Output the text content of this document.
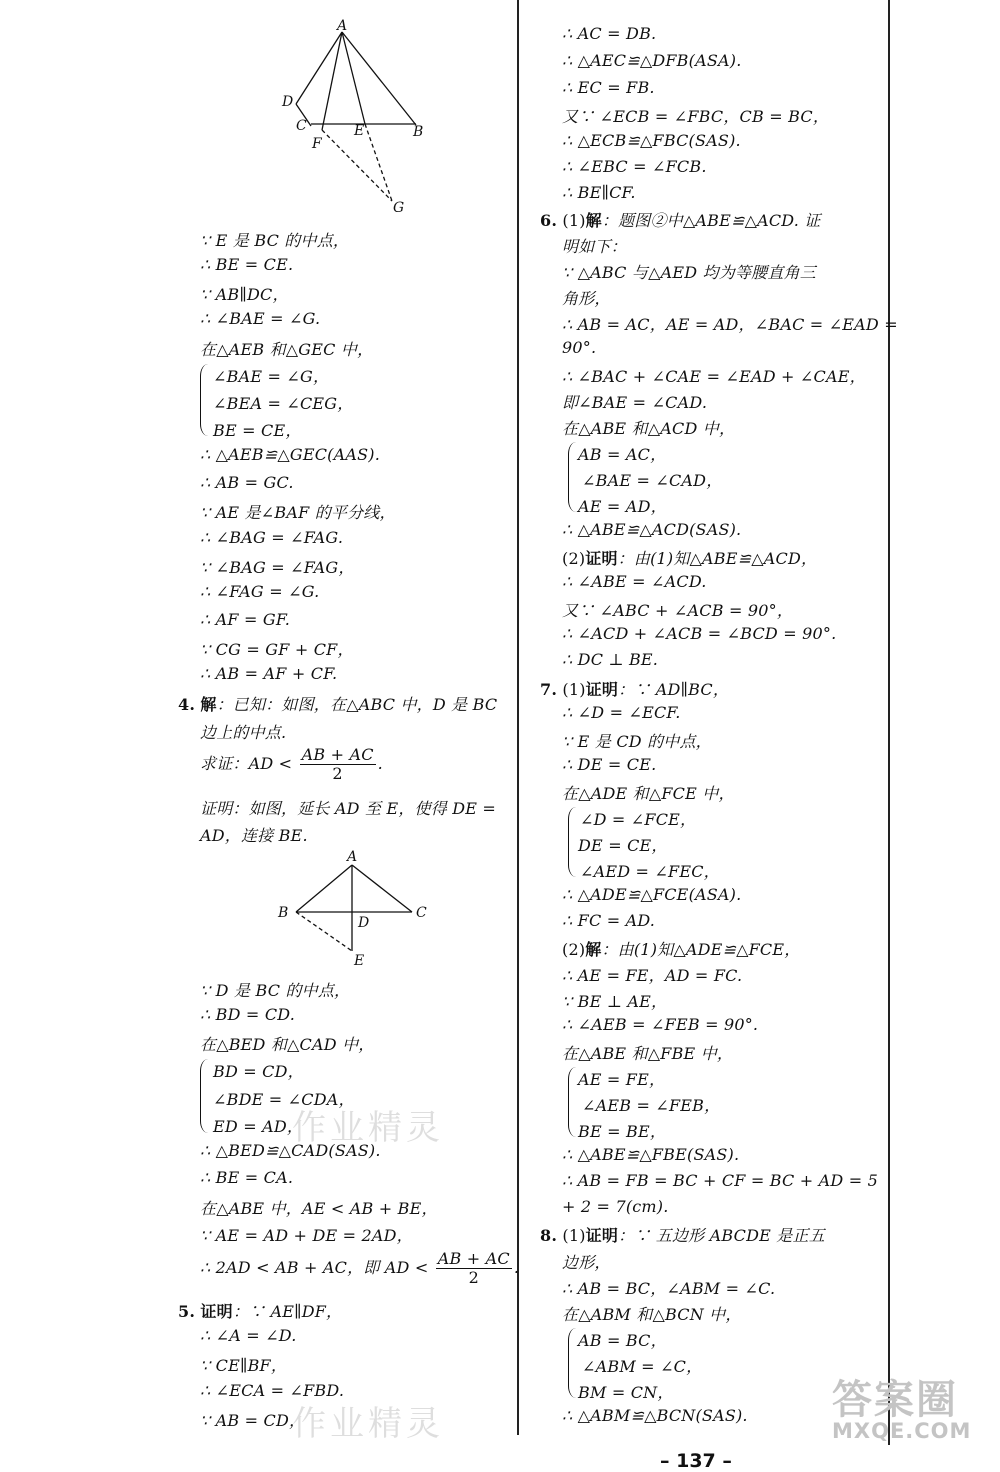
A
D
C	E	B
F
G
A
B
D
C
E
∵ E 是 BC 的中点，
∴ BE = CE.
∵ AB∥DC，
∴ ∠BAE = ∠G.
在△AEB 和△GEC 中，
∠BAE = ∠G，
∠BEA = ∠CEG，
BE = CE，
∴ △AEB≌△GEC(AAS).
∴ AB = GC.
∵ AE 是∠BAF 的平分线，
∴ ∠BAG = ∠FAG.
∵ ∠BAG = ∠FAG，
∴ ∠FAG = ∠G.
∴ AF = GF.
∵ CG = GF + CF，
∴ AB = AF + CF.
4. 解：已知：如图，在△ABC 中，D 是 BC
边上的中点.
求证：AD < $\frac{AB + AC}{2}$ .
证明：如图，延长 AD 至 E，使得 DE =
AD，连接 BE.
∵ D 是 BC 的中点，
∴ BD = CD.
在△BED 和△CAD 中，
BD = CD，
∠BDE = ∠CDA，
ED = AD，
∴ △BED≌△CAD(SAS).
∴ BE = CA.
在△ABE 中，AE < AB + BE，
∵ AE = AD + DE = 2AD，
∴ 2AD < AB + AC，即 AD < $\frac{AB + AC}{2}$ .
5. 证明：∵ AE∥DF，
∴ ∠A = ∠D.
∵ CE∥BF，
∴ ∠ECA = ∠FBD.
∵ AB = CD，
∴ AC = DB.
∴ △AEC≌△DFB(ASA).
∴ EC = FB.
又∵ ∠ECB = ∠FBC，CB = BC，
∴ △ECB≌△FBC(SAS).
∴ ∠EBC = ∠FCB.
∴ BE∥CF.
6. (1)解：题图②中△ABE≌△ACD. 证
明如下：
∵ △ABC 与△AED 均为等腰直角三
角形，
∴ AB = AC，AE = AD，∠BAC = ∠EAD =
90°.
∴ ∠BAC + ∠CAE = ∠EAD + ∠CAE，
即∠BAE = ∠CAD.
在△ABE 和△ACD 中，
AB = AC，
∠BAE = ∠CAD，
AE = AD，
∴ △ABE≌△ACD(SAS).
(2)证明：由(1)知△ABE≌△ACD，
∴ ∠ABE = ∠ACD.
又∵ ∠ABC + ∠ACB = 90°，
∴ ∠ACD + ∠ACB = ∠BCD = 90°.
∴ DC ⊥ BE.
7. (1)证明：∵ AD∥BC，
∴ ∠D = ∠ECF.
∵ E 是 CD 的中点，
∴ DE = CE.
在△ADE 和△FCE 中，
∠D = ∠FCE，
DE = CE，
∠AED = ∠FEC，
∴ △ADE≌△FCE(ASA).
∴ FC = AD.
(2)解：由(1)知△ADE≌△FCE，
∴ AE = FE，AD = FC.
∵ BE ⊥ AE，
∴ ∠AEB = ∠FEB = 90°.
在△ABE 和△FBE 中，
AE = FE，
∠AEB = ∠FEB，
BE = BE，
∴ △ABE≌△FBE(SAS).
∴ AB = FB = BC + CF = BC + AD = 5
+ 2 = 7(cm).
8. (1)证明：∵ 五边形 ABCDE 是正五
边形，
∴ AB = BC，∠ABM = ∠C.
在△ABM 和△BCN 中，
AB = BC，
∠ABM = ∠C，
BM = CN，
∴ △ABM≌△BCN(SAS).
作业精灵
作业精灵
答案圈
MXQE.COM
– 137 –
